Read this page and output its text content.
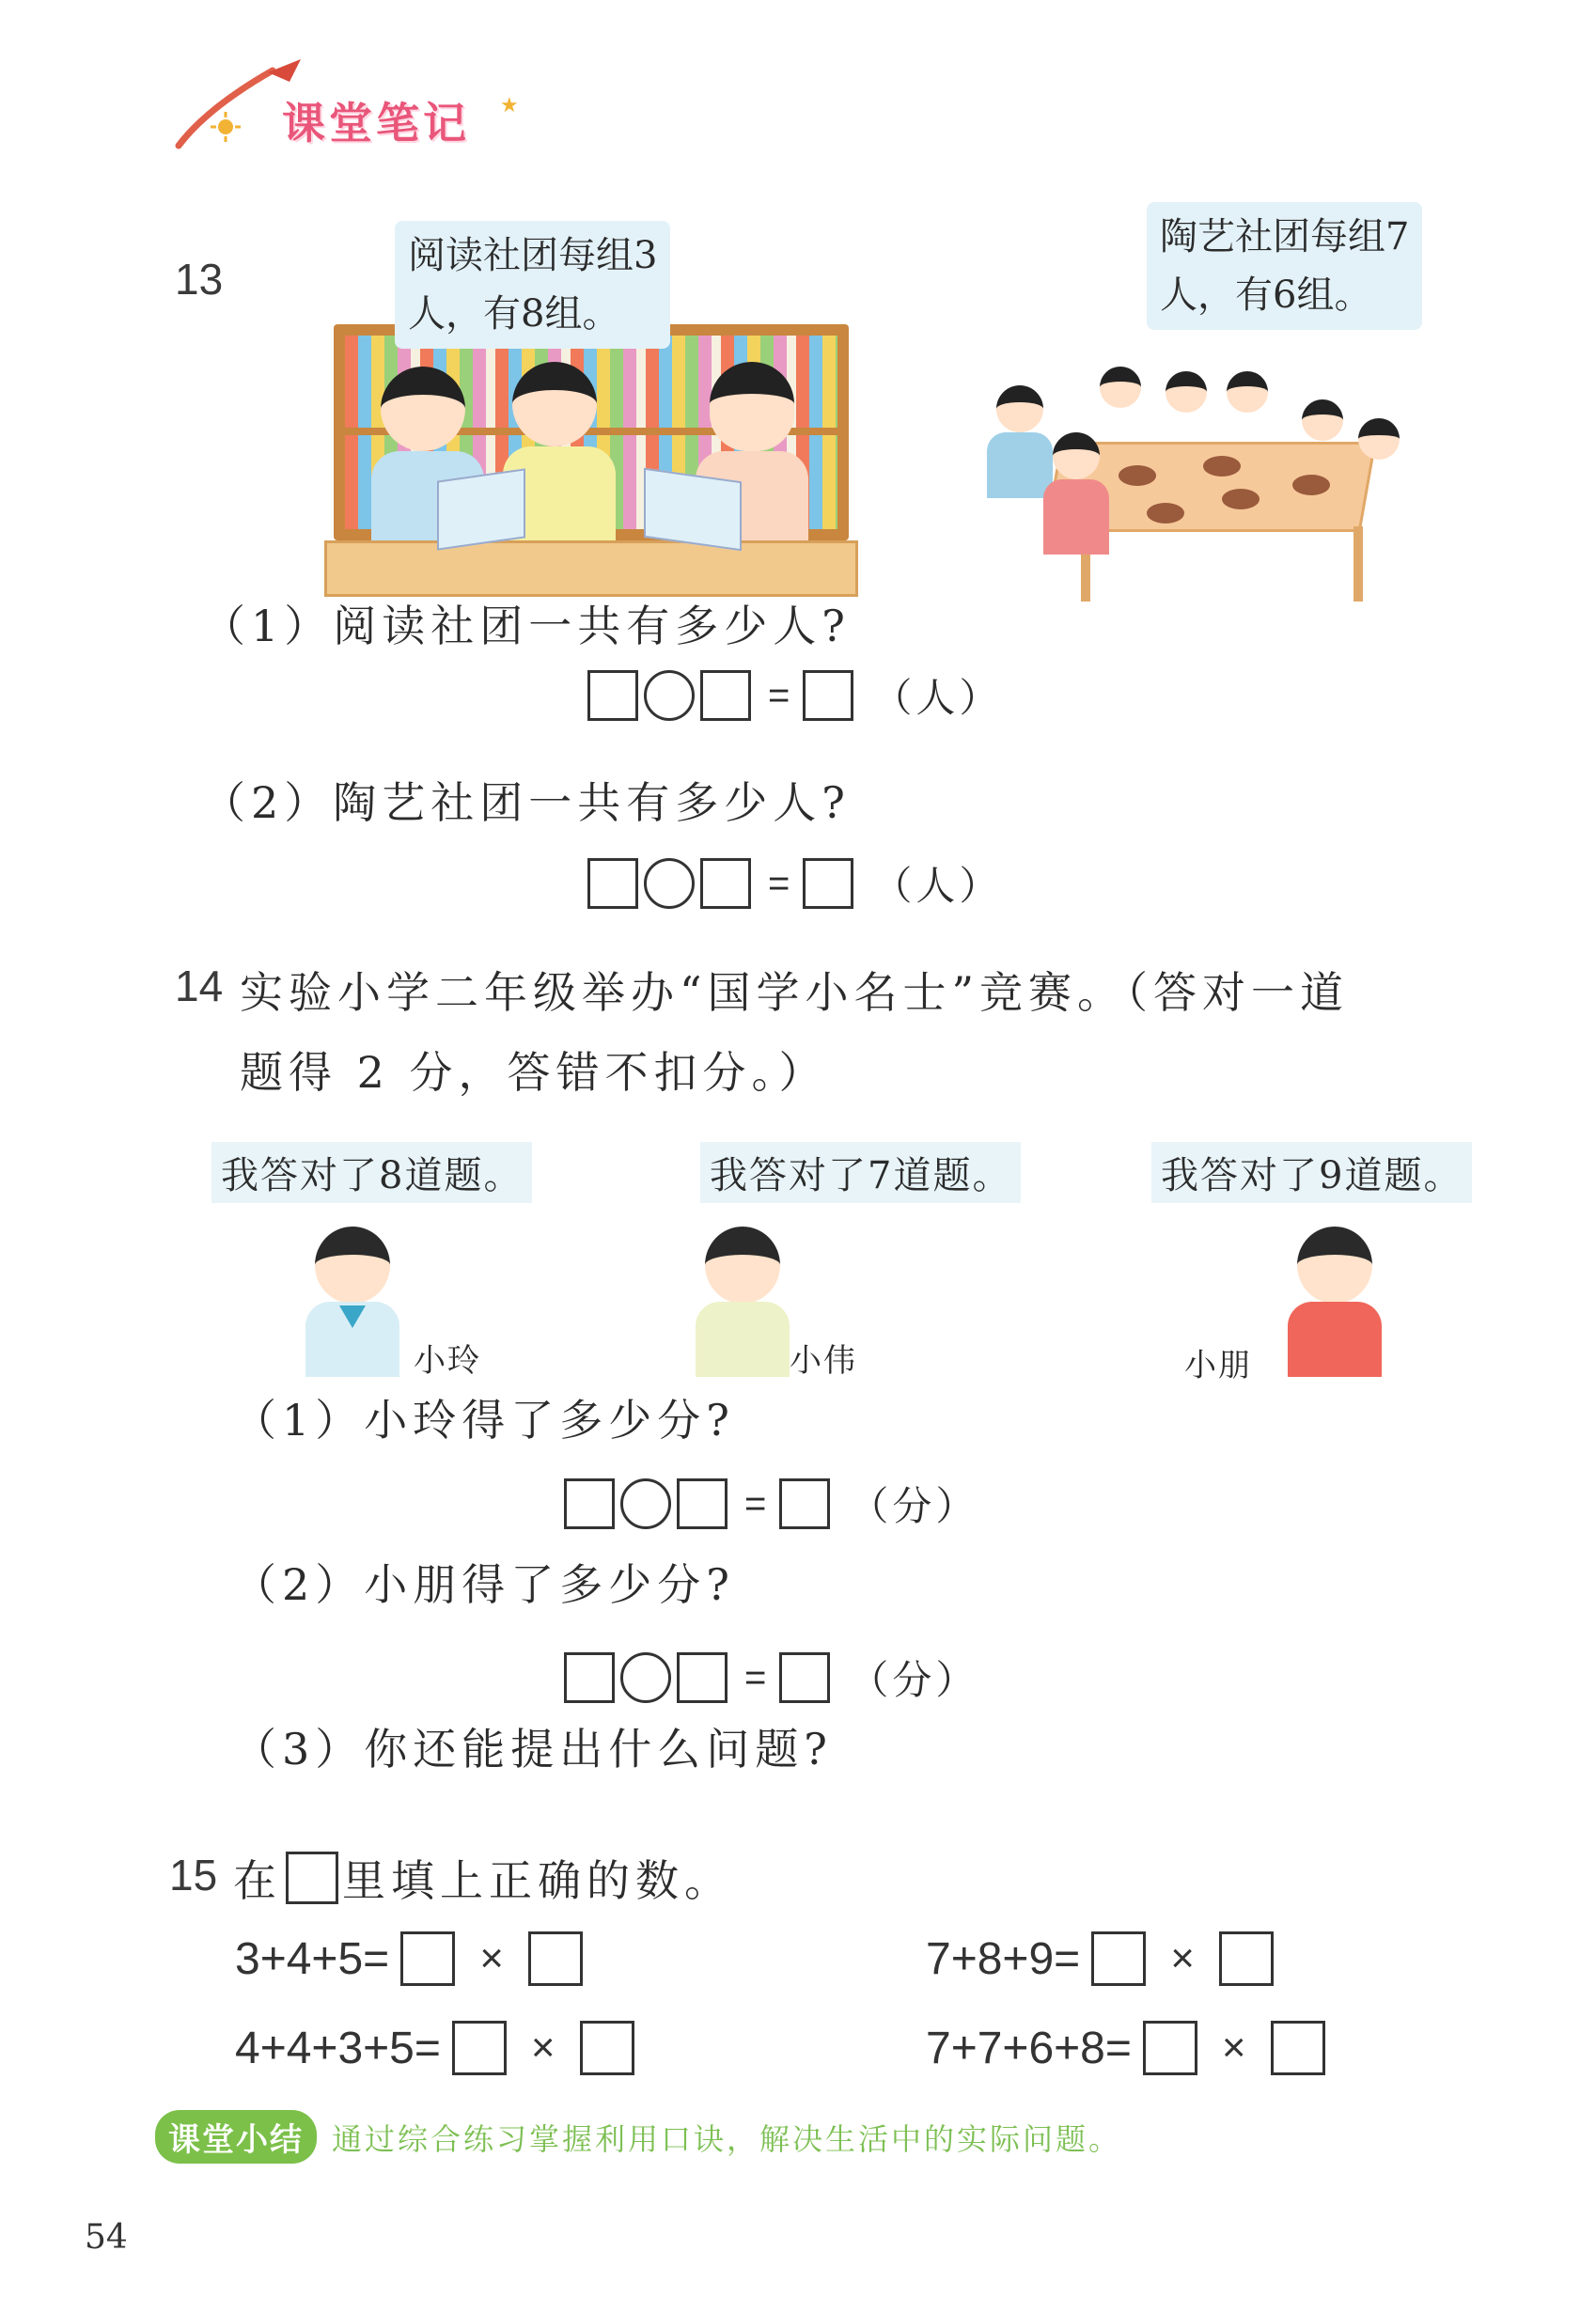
课堂笔记 ★
13	阅读社团每组3
人，有8组。
陶艺社团每组7
人，有6组。
（1）阅读社团一共有多少人?
= （人）
（2）陶艺社团一共有多少人?
= （人）
14 实验小学二年级举办“国学小名士”竞赛。（答对一道
题得 2 分，答错不扣分。）
我答对了8道题。	我答对了7道题。	我答对了9道题。
小玲	小伟	小朋
（1）小玲得了多少分?
= （分）
（2）小朋得了多少分?
= （分）
（3）你还能提出什么问题?
15 在 里填上正确的数。
3+4+5= ×	7+8+9= ×
4+4+3+5= ×	7+7+6+8= ×
课堂小结 通过综合练习掌握利用口诀，解决生活中的实际问题。
54
